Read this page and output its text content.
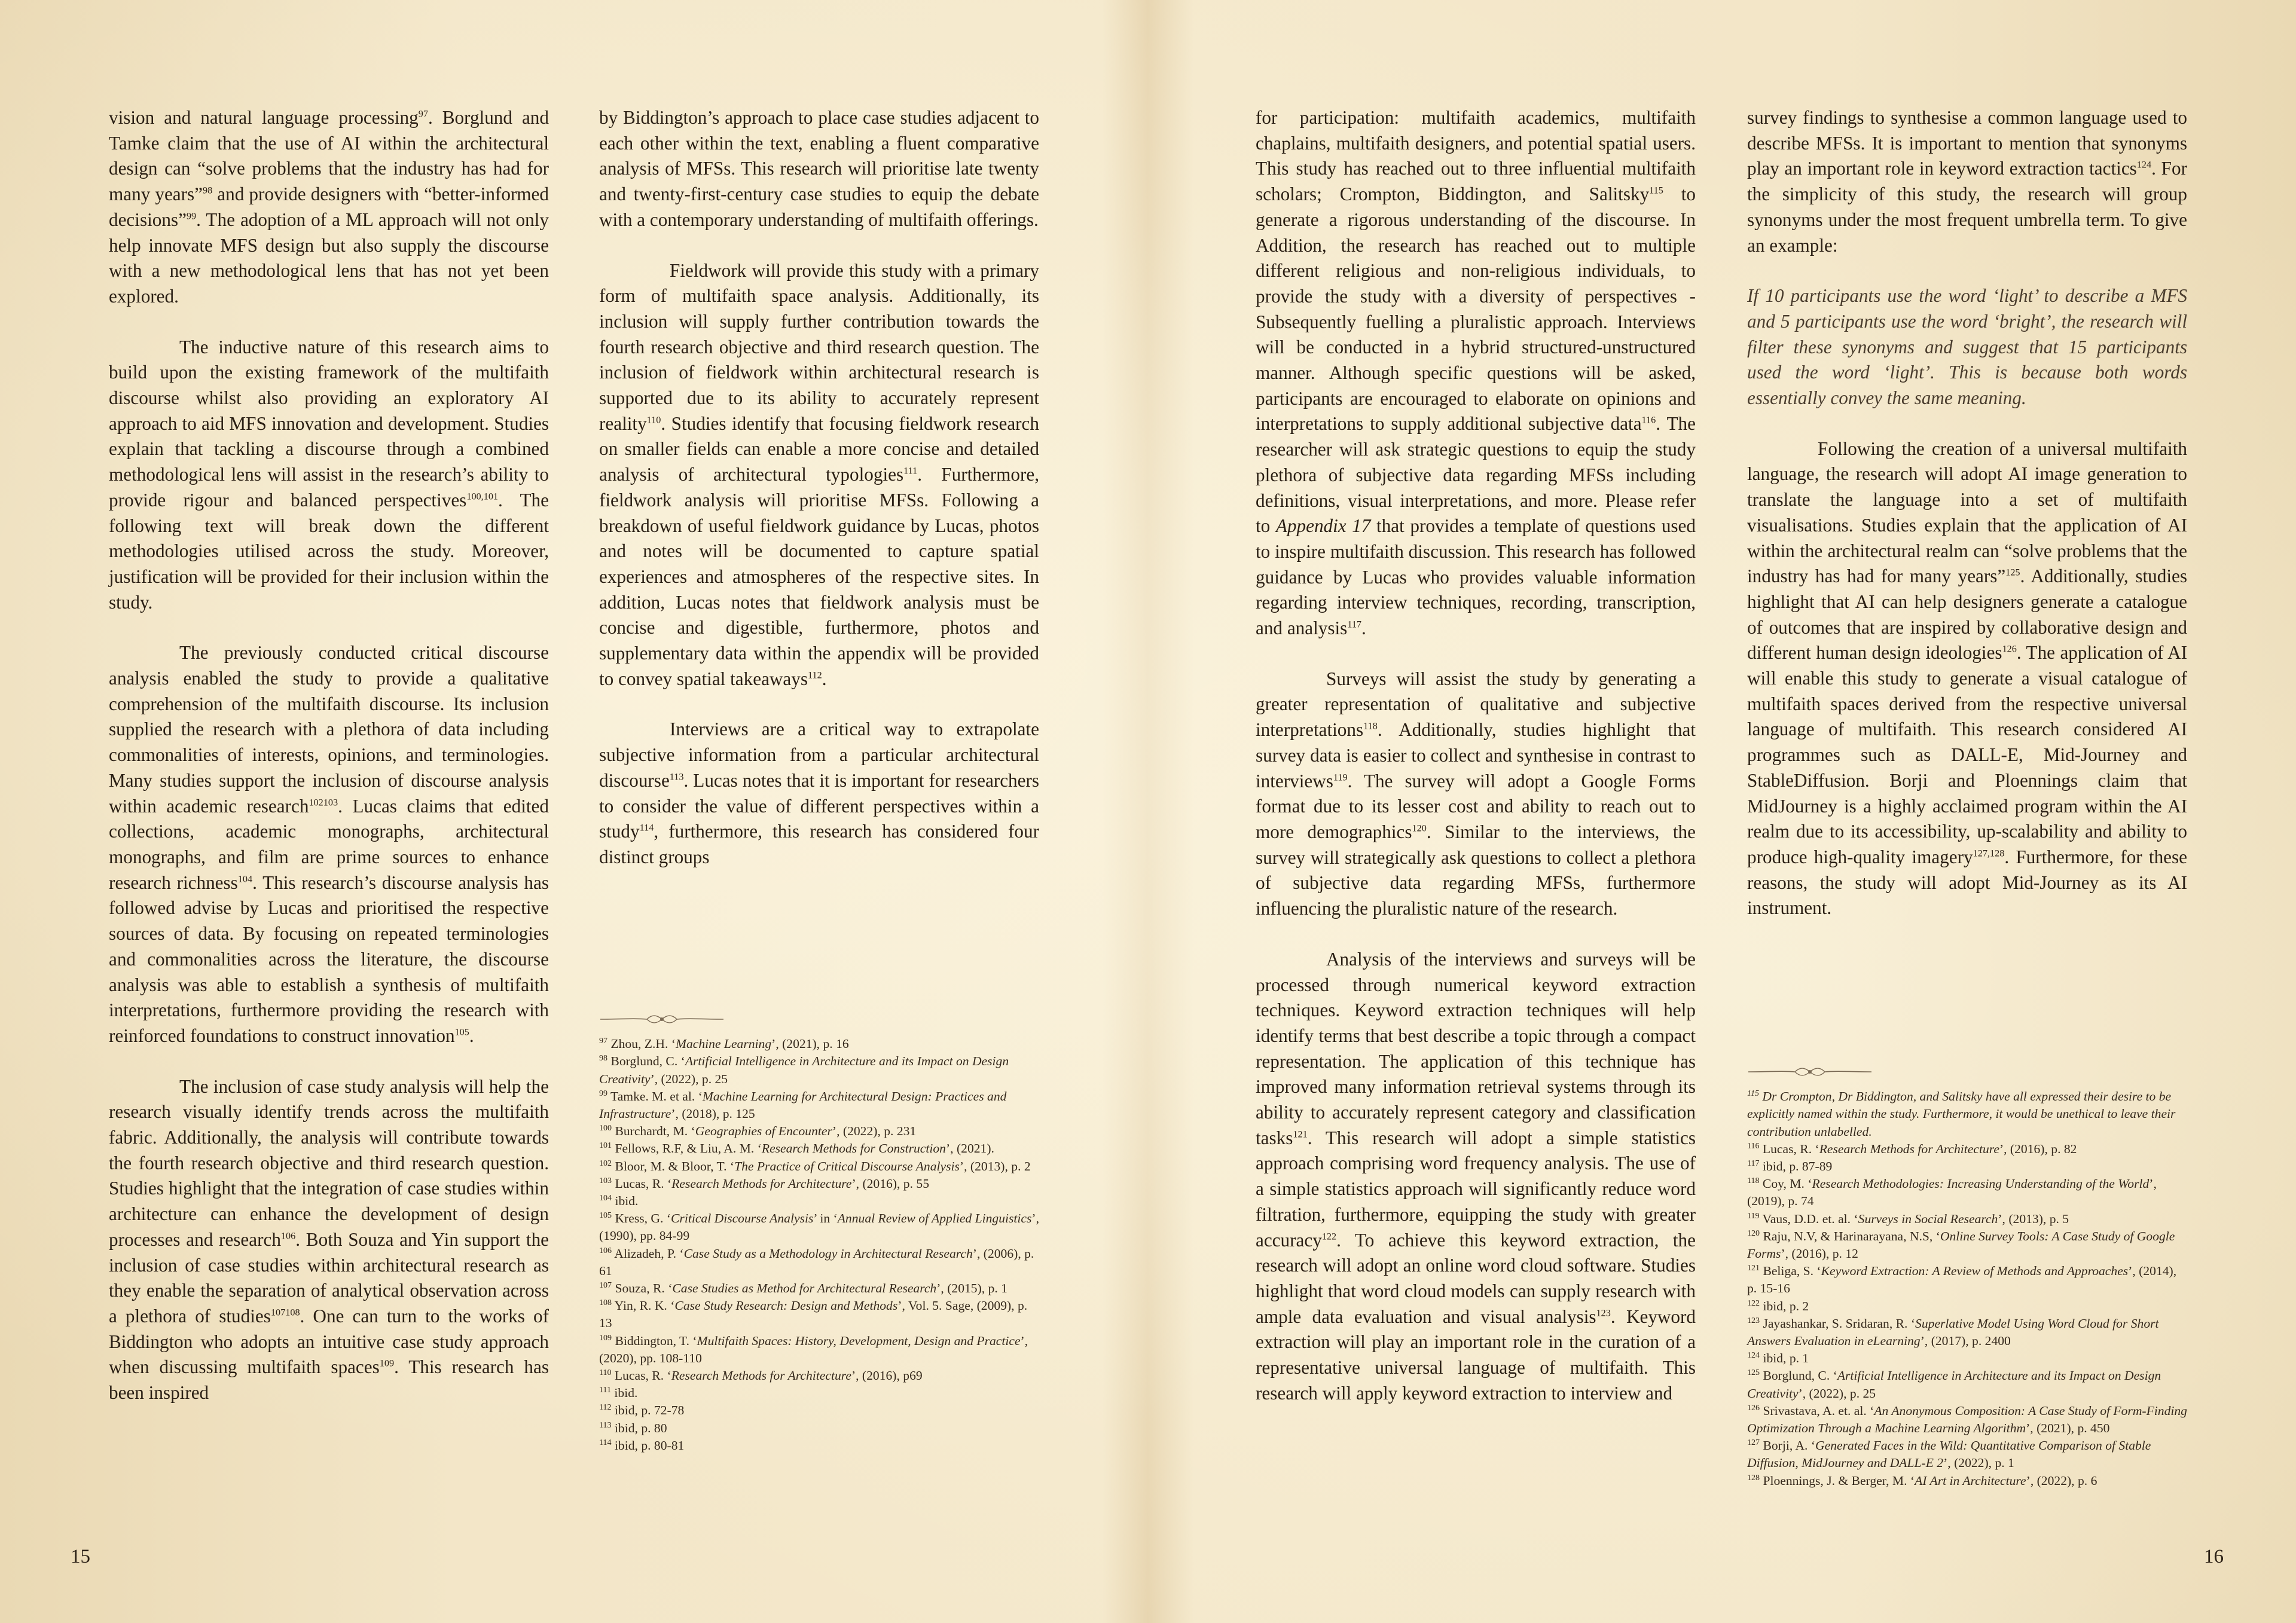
vision and natural language processing$^{97}$. Borglund and Tamke claim that the use of AI within the architectural design can “solve problems that the industry has had for many years”$^{98}$ and provide designers with “better-informed decisions”$^{99}$. The adoption of a ML approach will not only help innovate MFS design but also supply the discourse with a new methodological lens that has not yet been explored.

The inductive nature of this research aims to build upon the existing framework of the multifaith discourse whilst also providing an exploratory AI approach to aid MFS innovation and development. Studies explain that tackling a discourse through a combined methodological lens will assist in the research’s ability to provide rigour and balanced perspectives$^{100,101}$. The following text will break down the different methodologies utilised across the study. Moreover, justification will be provided for their inclusion within the study.

The previously conducted critical discourse analysis enabled the study to provide a qualitative comprehension of the multifaith discourse. Its inclusion supplied the research with a plethora of data including commonalities of interests, opinions, and terminologies. Many studies support the inclusion of discourse analysis within academic research$^{102103}$. Lucas claims that edited collections, academic monographs, architectural monographs, and film are prime sources to enhance research richness$^{104}$. This research’s discourse analysis has followed advise by Lucas and prioritised the respective sources of data. By focusing on repeated terminologies and commonalities across the literature, the discourse analysis was able to establish a synthesis of multifaith interpretations, furthermore providing the research with reinforced foundations to construct innovation$^{105}$.

The inclusion of case study analysis will help the research visually identify trends across the multifaith fabric. Additionally, the analysis will contribute towards the fourth research objective and third research question. Studies highlight that the integration of case studies within architecture can enhance the development of design processes and research$^{106}$. Both Souza and Yin support the inclusion of case studies within architectural research as they enable the separation of analytical observation across a plethora of studies$^{107108}$. One can turn to the works of Biddington who adopts an intuitive case study approach when discussing multifaith spaces$^{109}$. This research has been inspired

by Biddington’s approach to place case studies adjacent to each other within the text, enabling a fluent comparative analysis of MFSs. This research will prioritise late twenty and twenty-first-century case studies to equip the debate with a contemporary understanding of multifaith offerings.

Fieldwork will provide this study with a primary form of multifaith space analysis. Additionally, its inclusion will supply further contribution towards the fourth research objective and third research question. The inclusion of fieldwork within architectural research is supported due to its ability to accurately represent reality$^{110}$. Studies identify that focusing fieldwork research on smaller fields can enable a more concise and detailed analysis of architectural typologies$^{111}$. Furthermore, fieldwork analysis will prioritise MFSs. Following a breakdown of useful fieldwork guidance by Lucas, photos and notes will be documented to capture spatial experiences and atmospheres of the respective sites. In addition, Lucas notes that fieldwork analysis must be concise and digestible, furthermore, photos and supplementary data within the appendix will be provided to convey spatial takeaways$^{112}$.

Interviews are a critical way to extrapolate subjective information from a particular architectural discourse$^{113}$. Lucas notes that it is important for researchers to consider the value of different perspectives within a study$^{114}$, furthermore, this research has considered four distinct groups

for participation: multifaith academics, multifaith chaplains, multifaith designers, and potential spatial users. This study has reached out to three influential multifaith scholars; Crompton, Biddington, and Salitsky$^{115}$ to generate a rigorous understanding of the discourse. In Addition, the research has reached out to multiple different religious and non-religious individuals, to provide the study with a diversity of perspectives - Subsequently fuelling a pluralistic approach. Interviews will be conducted in a hybrid structured-unstructured manner. Although specific questions will be asked, participants are encouraged to elaborate on opinions and interpretations to supply additional subjective data$^{116}$. The researcher will ask strategic questions to equip the study plethora of subjective data regarding MFSs including definitions, visual interpretations, and more. Please refer to Appendix 17 that provides a template of questions used to inspire multifaith discussion. This research has followed guidance by Lucas who provides valuable information regarding interview techniques, recording, transcription, and analysis$^{117}$.

Surveys will assist the study by generating a greater representation of qualitative and subjective interpretations$^{118}$. Additionally, studies highlight that survey data is easier to collect and synthesise in contrast to interviews$^{119}$. The survey will adopt a Google Forms format due to its lesser cost and ability to reach out to more demographics$^{120}$. Similar to the interviews, the survey will strategically ask questions to collect a plethora of subjective data regarding MFSs, furthermore influencing the pluralistic nature of the research.

Analysis of the interviews and surveys will be processed through numerical keyword extraction techniques. Keyword extraction techniques will help identify terms that best describe a topic through a compact representation. The application of this technique has improved many information retrieval systems through its ability to accurately represent category and classification tasks$^{121}$. This research will adopt a simple statistics approach comprising word frequency analysis. The use of a simple statistics approach will significantly reduce word filtration, furthermore, equipping the study with greater accuracy$^{122}$. To achieve this keyword extraction, the research will adopt an online word cloud software. Studies highlight that word cloud models can supply research with ample data evaluation and visual analysis$^{123}$. Keyword extraction will play an important role in the curation of a representative universal language of multifaith. This research will apply keyword extraction to interview and

survey findings to synthesise a common language used to describe MFSs. It is important to mention that synonyms play an important role in keyword extraction tactics$^{124}$. For the simplicity of this study, the research will group synonyms under the most frequent umbrella term. To give an example:

If 10 participants use the word ‘light’ to describe a MFS and 5 participants use the word ‘bright’, the research will filter these synonyms and suggest that 15 participants used the word ‘light’. This is because both words essentially convey the same meaning.

Following the creation of a universal multifaith language, the research will adopt AI image generation to translate the language into a set of multifaith visualisations. Studies explain that the application of AI within the architectural realm can “solve problems that the industry has had for many years”$^{125}$. Additionally, studies highlight that AI can help designers generate a catalogue of outcomes that are inspired by collaborative design and different human design ideologies$^{126}$. The application of AI will enable this study to generate a visual catalogue of multifaith spaces derived from the respective universal language of multifaith. This research considered AI programmes such as DALL-E, Mid-Journey and StableDiffusion. Borji and Ploennings claim that MidJourney is a highly acclaimed program within the AI realm due to its accessibility, up-scalability and ability to produce high-quality imagery$^{127,128}$. Furthermore, for these reasons, the study will adopt Mid-Journey as its AI instrument.

$^{97}$ Zhou, Z.H. ‘Machine Learning’, (2021), p. 16

$^{98}$ Borglund, C. ‘Artificial Intelligence in Architecture and its Impact on Design Creativity’, (2022), p. 25

$^{99}$ Tamke. M. et al. ‘Machine Learning for Architectural Design: Practices and Infrastructure’, (2018), p. 125

$^{100}$ Burchardt, M. ‘Geographies of Encounter’, (2022), p. 231

$^{101}$ Fellows, R.F, & Liu, A. M. ‘Research Methods for Construction’, (2021).

$^{102}$ Bloor, M. & Bloor, T. ‘The Practice of Critical Discourse Analysis’, (2013), p. 2

$^{103}$ Lucas, R. ‘Research Methods for Architecture’, (2016), p. 55

$^{104}$ ibid.

$^{105}$ Kress, G. ‘Critical Discourse Analysis’ in ‘Annual Review of Applied Linguistics’, (1990), pp. 84-99

$^{106}$ Alizadeh, P. ‘Case Study as a Methodology in Architectural Research’, (2006), p. 61

$^{107}$ Souza, R. ‘Case Studies as Method for Architectural Research’, (2015), p. 1

$^{108}$ Yin, R. K. ‘Case Study Research: Design and Methods’, Vol. 5. Sage, (2009), p. 13

$^{109}$ Biddington, T. ‘Multifaith Spaces: History, Development, Design and Practice’, (2020), pp. 108-110

$^{110}$ Lucas, R. ‘Research Methods for Architecture’, (2016), p69

$^{111}$ ibid.

$^{112}$ ibid, p. 72-78

$^{113}$ ibid, p. 80

$^{114}$ ibid, p. 80-81

$^{115}$ Dr Crompton, Dr Biddington, and Salitsky have all expressed their desire to be explicitly named within the study. Furthermore, it would be unethical to leave their contribution unlabelled.

$^{116}$ Lucas, R. ‘Research Methods for Architecture’, (2016), p. 82

$^{117}$ ibid, p. 87-89

$^{118}$ Coy, M. ‘Research Methodologies: Increasing Understanding of the World’, (2019), p. 74

$^{119}$ Vaus, D.D. et. al. ‘Surveys in Social Research’, (2013), p. 5

$^{120}$ Raju, N.V, & Harinarayana, N.S, ‘Online Survey Tools: A Case Study of Google Forms’, (2016), p. 12

$^{121}$ Beliga, S. ‘Keyword Extraction: A Review of Methods and Approaches’, (2014), p. 15-16

$^{122}$ ibid, p. 2

$^{123}$ Jayashankar, S. Sridaran, R. ‘Superlative Model Using Word Cloud for Short Answers Evaluation in eLearning’, (2017), p. 2400

$^{124}$ ibid, p. 1

$^{125}$ Borglund, C. ‘Artificial Intelligence in Architecture and its Impact on Design Creativity’, (2022), p. 25

$^{126}$ Srivastava, A. et. al. ‘An Anonymous Composition: A Case Study of Form-Finding Optimization Through a Machine Learning Algorithm’, (2021), p. 450

$^{127}$ Borji, A. ‘Generated Faces in the Wild: Quantitative Comparison of Stable Diffusion, MidJourney and DALL-E 2’, (2022), p. 1

$^{128}$ Ploennings, J. & Berger, M. ‘AI Art in Architecture’, (2022), p. 6

15	16
